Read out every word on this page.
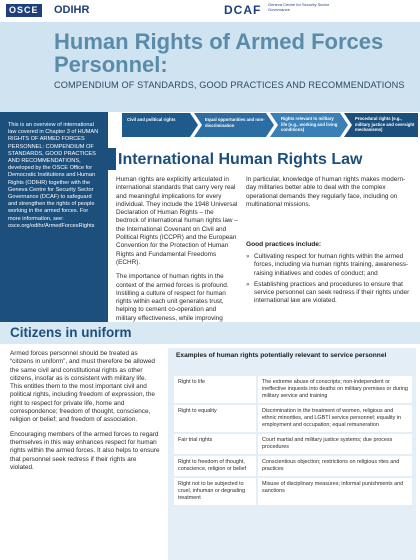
OSCE ODIHR	DCAF Geneva Centre for Security Sector Governance
Human Rights of Armed Forces Personnel:
COMPENDIUM OF STANDARDS, GOOD PRACTICES AND RECOMMENDATIONS
This is an overview of international law covered in Chapter 3 of HUMAN RIGHTS OF ARMED FORCES PERSONNEL: COMPENDIUM OF STANDARDS, GOOD PRACTICES AND RECOMMENDATIONS, developed by the OSCE Office for Democratic Institutions and Human Rights (ODIHR) together with the Geneva Centre for Security Sector Governance (DCAF) to safeguard and strengthen the rights of people working in the armed forces. For more information, see: osce.org/odihr/ArmedForcesRights
Civil and political rights	Equal opportunities and non-discrimination
Rights relevant to military life (e.g., working and living conditions)
Procedural rights (e.g., military justice and oversight mechanisms)
International Human Rights Law

Human rights are explicitly articulated in international standards that carry very real and meaningful implications for every individual. They include the 1948 Universal Declaration of Human Rights – the bedrock of international human rights law – the International Covenant on Civil and Political Rights (ICCPR) and the European Convention for the Protection of Human Rights and Fundamental Freedoms (ECHR).

The importance of human rights in the context of the armed forces is profound. Instilling a culture of respect for human rights within each unit generates trust, helping to cement co-operation and military effectiveness, while improving

In particular, knowledge of human rights makes modern-day militaries better able to deal with the complex operational demands they regularly face, including on multinational missions.

Good practices include:
» Cultivating respect for human rights within the armed forces, including via human rights training, awareness-raising initiatives and codes of conduct; and
» Establishing practices and procedures to ensure that service personnel can seek redress if their rights under international law are violated.
Citizens in uniform

Armed forces personnel should be treated as “citizens in uniform”, and must therefore be allowed the same civil and constitutional rights as other citizens, insofar as is consistent with military life. This entitles them to the most important civil and political rights, including freedom of expression, the right to respect for private life, home and correspondence; freedom of thought, conscience, religion or belief; and freedom of association.

Encouraging members of the armed forces to regard themselves in this way enhances respect for human rights within the armed forces. It also helps to ensure that personnel seek redress if their rights are violated.

Examples of human rights potentially relevant to service personnel
Right to life	The extreme abuse of conscripts; non-independent or ineffective inquests into deaths on military premises or during military service and training
Right to equality	Discrimination in the treatment of women, religious and ethnic minorities, and LGBTI service personnel; equality in employment and occupation; equal remuneration
Fair trial rights	Court martial and military justice systems; due process procedures
Right to freedom of thought, conscience, religion or belief	Conscientious objection; restrictions on religious rites and practices
Right not to be subjected to cruel, inhuman or degrading treatment	Misuse of disciplinary measures; informal punishments and sanctions
